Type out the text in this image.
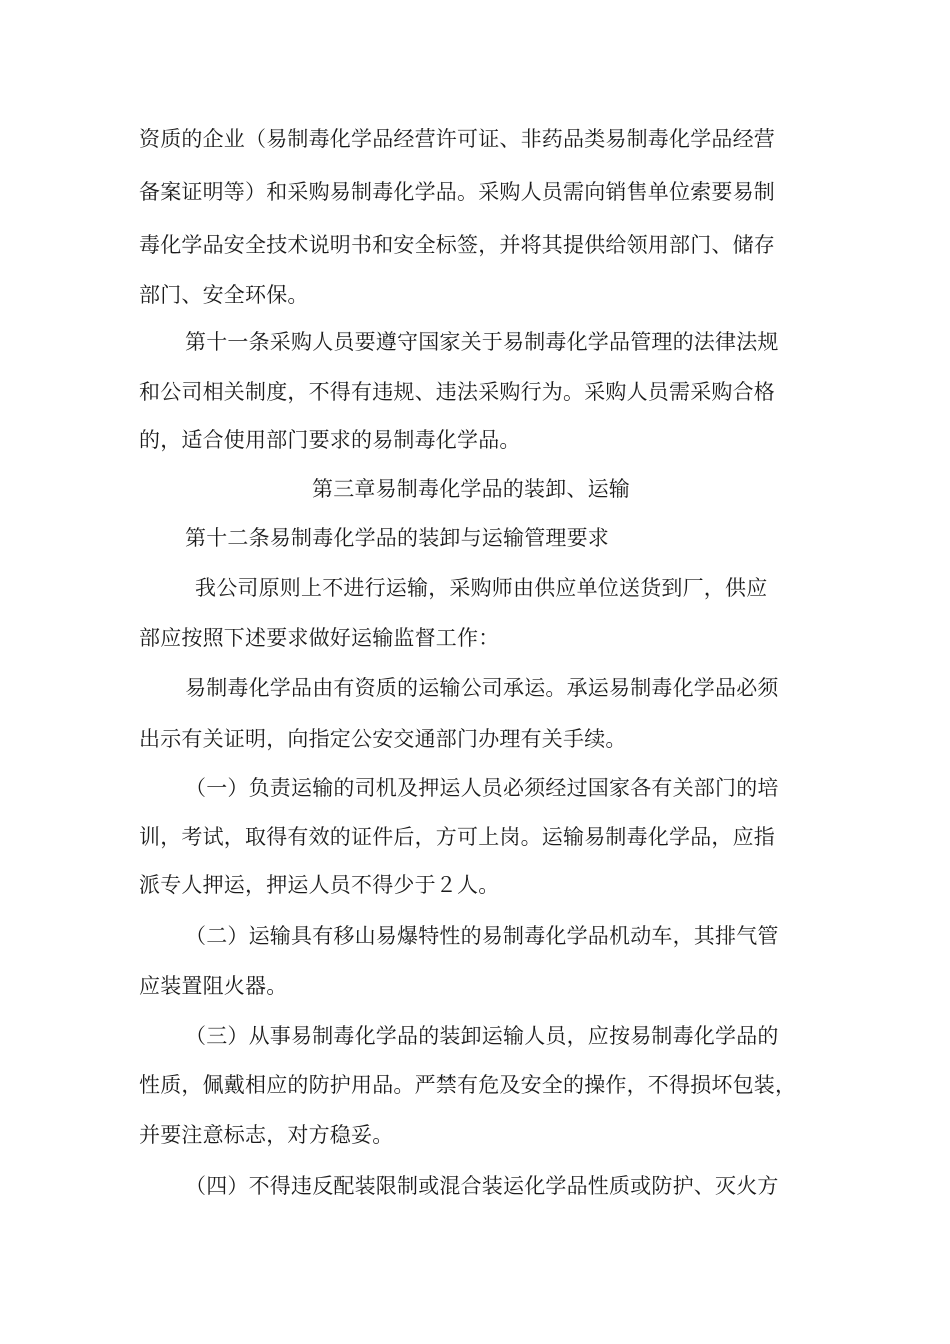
资质的企业（易制毒化学品经营许可证、非药品类易制毒化学品经营
备案证明等）和采购易制毒化学品。采购人员需向销售单位索要易制
毒化学品安全技术说明书和安全标签，并将其提供给领用部门、储存
部门、安全环保。
第十一条采购人员要遵守国家关于易制毒化学品管理的法律法规
和公司相关制度，不得有违规、违法采购行为。采购人员需采购合格
的，适合使用部门要求的易制毒化学品。
第三章易制毒化学品的装卸、运输
第十二条易制毒化学品的装卸与运输管理要求
我公司原则上不进行运输，采购师由供应单位送货到厂，供应
部应按照下述要求做好运输监督工作：
易制毒化学品由有资质的运输公司承运。承运易制毒化学品必须
出示有关证明，向指定公安交通部门办理有关手续。
（一）负责运输的司机及押运人员必须经过国家各有关部门的培
训，考试，取得有效的证件后，方可上岗。运输易制毒化学品，应指
派专人押运，押运人员不得少于２人。
（二）运输具有移山易爆特性的易制毒化学品机动车，其排气管
应装置阻火器。
（三）从事易制毒化学品的装卸运输人员，应按易制毒化学品的
性质，佩戴相应的防护用品。严禁有危及安全的操作，不得损坏包装，
并要注意标志，对方稳妥。
（四）不得违反配装限制或混合装运化学品性质或防护、灭火方
